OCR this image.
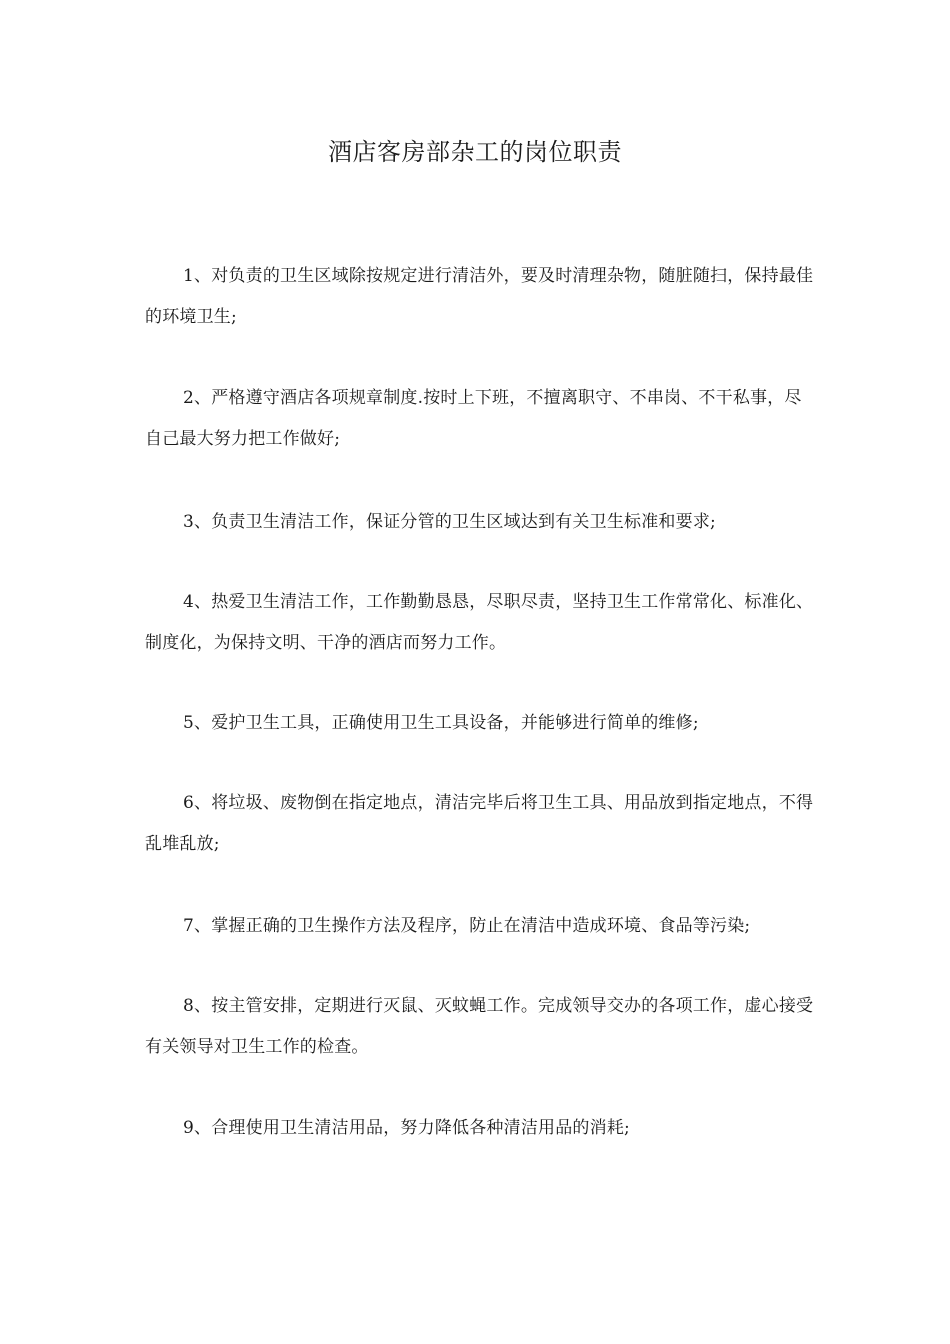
酒店客房部杂工的岗位职责

1、对负责的卫生区域除按规定进行清洁外，要及时清理杂物，随脏随扫，保持最佳的环境卫生;

2、严格遵守酒店各项规章制度.按时上下班，不擅离职守、不串岗、不干私事，尽自己最大努力把工作做好;

3、负责卫生清洁工作，保证分管的卫生区域达到有关卫生标准和要求;

4、热爱卫生清洁工作，工作勤勤恳恳，尽职尽责，坚持卫生工作常常化、标准化、制度化，为保持文明、干净的酒店而努力工作。

5、爱护卫生工具，正确使用卫生工具设备，并能够进行简单的维修;

6、将垃圾、废物倒在指定地点，清洁完毕后将卫生工具、用品放到指定地点，不得乱堆乱放;

7、掌握正确的卫生操作方法及程序，防止在清洁中造成环境、食品等污染;

8、按主管安排，定期进行灭鼠、灭蚊蝇工作。完成领导交办的各项工作，虚心接受有关领导对卫生工作的检查。

9、合理使用卫生清洁用品，努力降低各种清洁用品的消耗;
